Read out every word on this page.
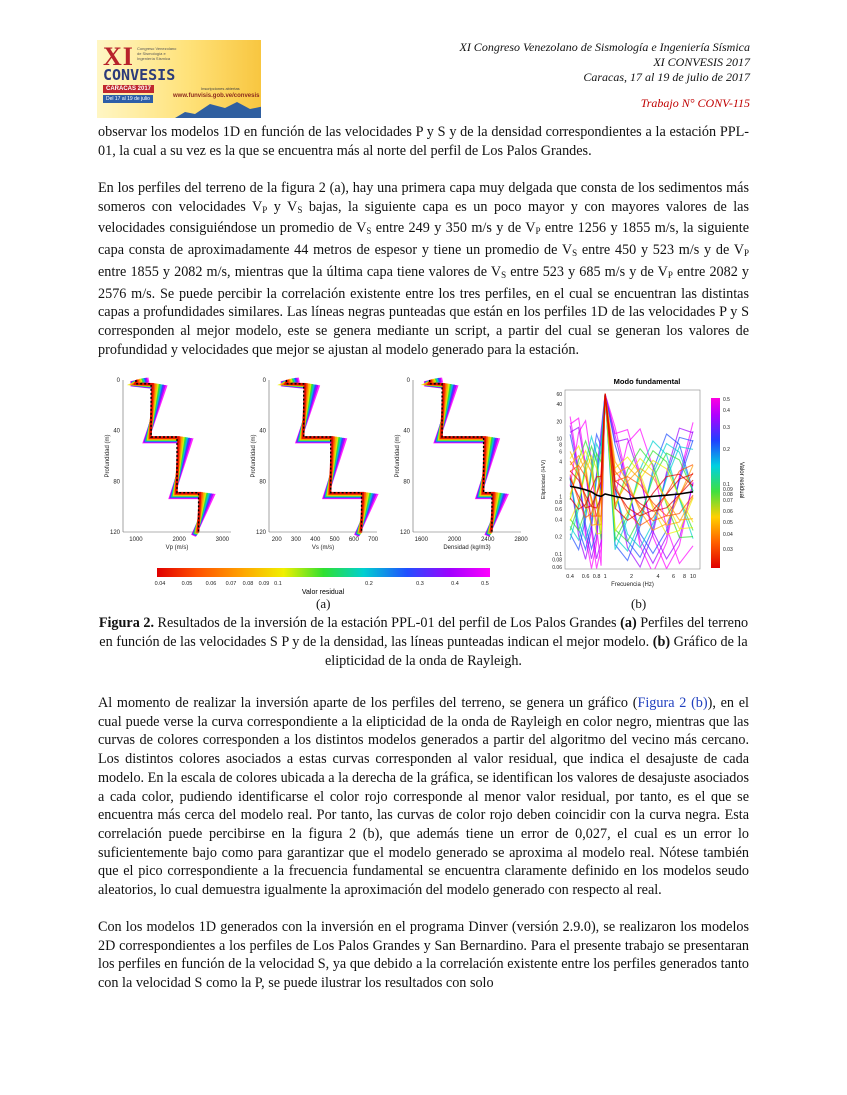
XI Congreso Venezolano de Sismología e Ingeniería Sísmica
CONVESIS
CARACAS 2017
Del 17 al 19 de julio
Inscripciones abiertas
www.funvisis.gob.ve/convesis
XI Congreso Venezolano de Sismología e Ingeniería Sísmica
XI CONVESIS 2017
Caracas, 17 al 19 de julio de 2017
Trabajo N° CONV-115
observar los modelos 1D en función de las velocidades P y S y de la densidad correspondientes a la estación PPL-01, la cual a su vez es la que se encuentra más al norte del perfil de Los Palos Grandes.
En los perfiles del terreno de la figura 2 (a), hay una primera capa muy delgada que consta de los sedimentos más someros con velocidades $V_P$ y $V_S$ bajas, la siguiente capa es un poco mayor y con mayores valores de las velocidades consiguiéndose un promedio de $V_S$ entre 249 y 350 m/s y de $V_P$ entre 1256 y 1855 m/s, la siguiente capa consta de aproximadamente 44 metros de espesor y tiene un promedio de $V_S$ entre 450 y 523 m/s y de $V_P$ entre 1855 y 2082 m/s, mientras que la última capa tiene valores de $V_S$ entre 523 y 685 m/s y de $V_P$ entre 2082 y 2576 m/s. Se puede percibir la correlación existente entre los tres perfiles, en el cual se encuentran las distintas capas a profundidades similares. Las líneas negras punteadas que están en los perfiles 1D de las velocidades P y S corresponden al mejor modelo, este se genera mediante un script, a partir del cual se generan los valores de profundidad y velocidades que mejor se ajustan al modelo generado para la estación.
0
40
80
120
1000	2000	3000
Vp (m/s)
Profundidad (m)
0
40
80
120
200 300 400 500 600 700
Vs (m/s)
Profundidad (m)
0
40
80
120
1600	2000	2400	2800
Densidad (kg/m3)
Profundidad (m)
0.04	0.05 0.06 0.07 0.08 0.09 0.1	0.2	0.3	0.4	0.5
Valor residual
Modo fundamental
0.06
0.08
0.1
0.2
0.4
0.6
0.8
1
2
4
6
8
10
20
40
60
0.4 0.6 0.8 1	2	4 6 8 10
Frecuencia (Hz)
Elipticidad (H/V)
0.5
0.4
0.3
0.2
0.1
0.09
0.08
0.07
0.06
0.05
0.04
0.03
Valor residual
(a)	(b)
Figura 2. Resultados de la inversión de la estación PPL-01 del perfil de Los Palos Grandes (a) Perfiles del terreno en función de las velocidades S P y de la densidad, las líneas punteadas indican el mejor modelo. (b) Gráfico de la elipticidad de la onda de Rayleigh.
Al momento de realizar la inversión aparte de los perfiles del terreno, se genera un gráfico (Figura 2 (b)), en el cual puede verse la curva correspondiente a la elipticidad de la onda de Rayleigh en color negro, mientras que las curvas de colores corresponden a los distintos modelos generados a partir del algoritmo del vecino más cercano. Los distintos colores asociados a estas curvas corresponden al valor residual, que indica el desajuste de cada modelo. En la escala de colores ubicada a la derecha de la gráfica, se identifican los valores de desajuste asociados a cada color, pudiendo identificarse el color rojo corresponde al menor valor residual, por tanto, es el que se encuentra más cerca del modelo real. Por tanto, las curvas de color rojo deben coincidir con la curva negra. Esta correlación puede percibirse en la figura 2 (b), que además tiene un error de 0,027, el cual es un error lo suficientemente bajo como para garantizar que el modelo generado se aproxima al modelo real. Nótese también que el pico correspondiente a la frecuencia fundamental se encuentra claramente definido en los modelos seudo aleatorios, lo cual demuestra igualmente la aproximación del modelo generado con respecto al real.
Con los modelos 1D generados con la inversión en el programa Dinver (versión 2.9.0), se realizaron los modelos 2D correspondientes a los perfiles de Los Palos Grandes y San Bernardino. Para el presente trabajo se presentaran los perfiles en función de la velocidad S, ya que debido a la correlación existente entre los perfiles generados tanto con la velocidad S como la P, se puede ilustrar los resultados con solo
